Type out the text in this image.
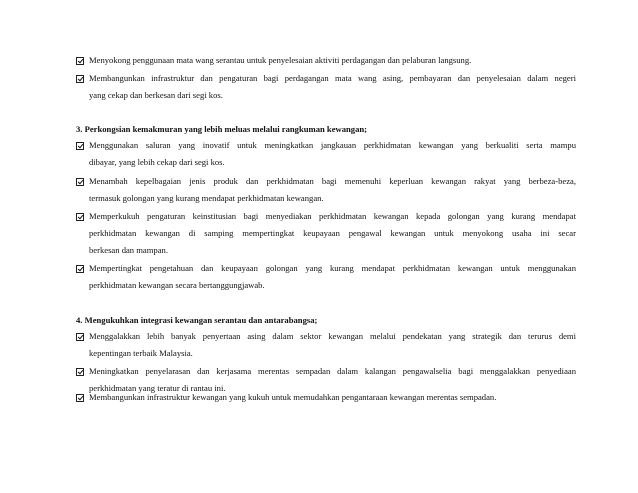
Menyokong penggunaan mata wang serantau untuk penyelesaian aktiviti perdagangan dan pelaburan langsung.
Membangunkan infrastruktur dan pengaturan bagi perdagangan mata wang asing, pembayaran dan penyelesaian dalam negeri
yang cekap dan berkesan dari segi kos.
3. Perkongsian kemakmuran yang lebih meluas melalui rangkuman kewangan;
Menggunakan saluran yang inovatif untuk meningkatkan jangkauan perkhidmatan kewangan yang berkualiti serta mampu
dibayar, yang lebih cekap dari segi kos.
Menambah kepelbagaian jenis produk dan perkhidmatan bagi memenuhi keperluan kewangan rakyat yang berbeza-beza,
termasuk golongan yang kurang mendapat perkhidmatan kewangan.
Memperkukuh pengaturan keinstitusian bagi menyediakan perkhidmatan kewangan kepada golongan yang kurang mendapat
perkhidmatan kewangan di samping mempertingkat keupayaan pengawal kewangan untuk menyokong usaha ini secar
berkesan dan mampan.
Mempertingkat pengetahuan dan keupayaan golongan yang kurang mendapat perkhidmatan kewangan untuk menggunakan
perkhidmatan kewangan secara bertanggungjawab.
4. Mengukuhkan integrasi kewangan serantau dan antarabangsa;
Menggalakkan lebih banyak penyertaan asing dalam sektor kewangan melalui pendekatan yang strategik dan terurus demi
kepentingan terbaik Malaysia.
Meningkatkan penyelarasan dan kerjasama merentas sempadan dalam kalangan pengawalselia bagi menggalakkan penyediaan
perkhidmatan yang teratur di rantau ini.
Membangunkan infrastruktur kewangan yang kukuh untuk memudahkan pengantaraan kewangan merentas sempadan.
